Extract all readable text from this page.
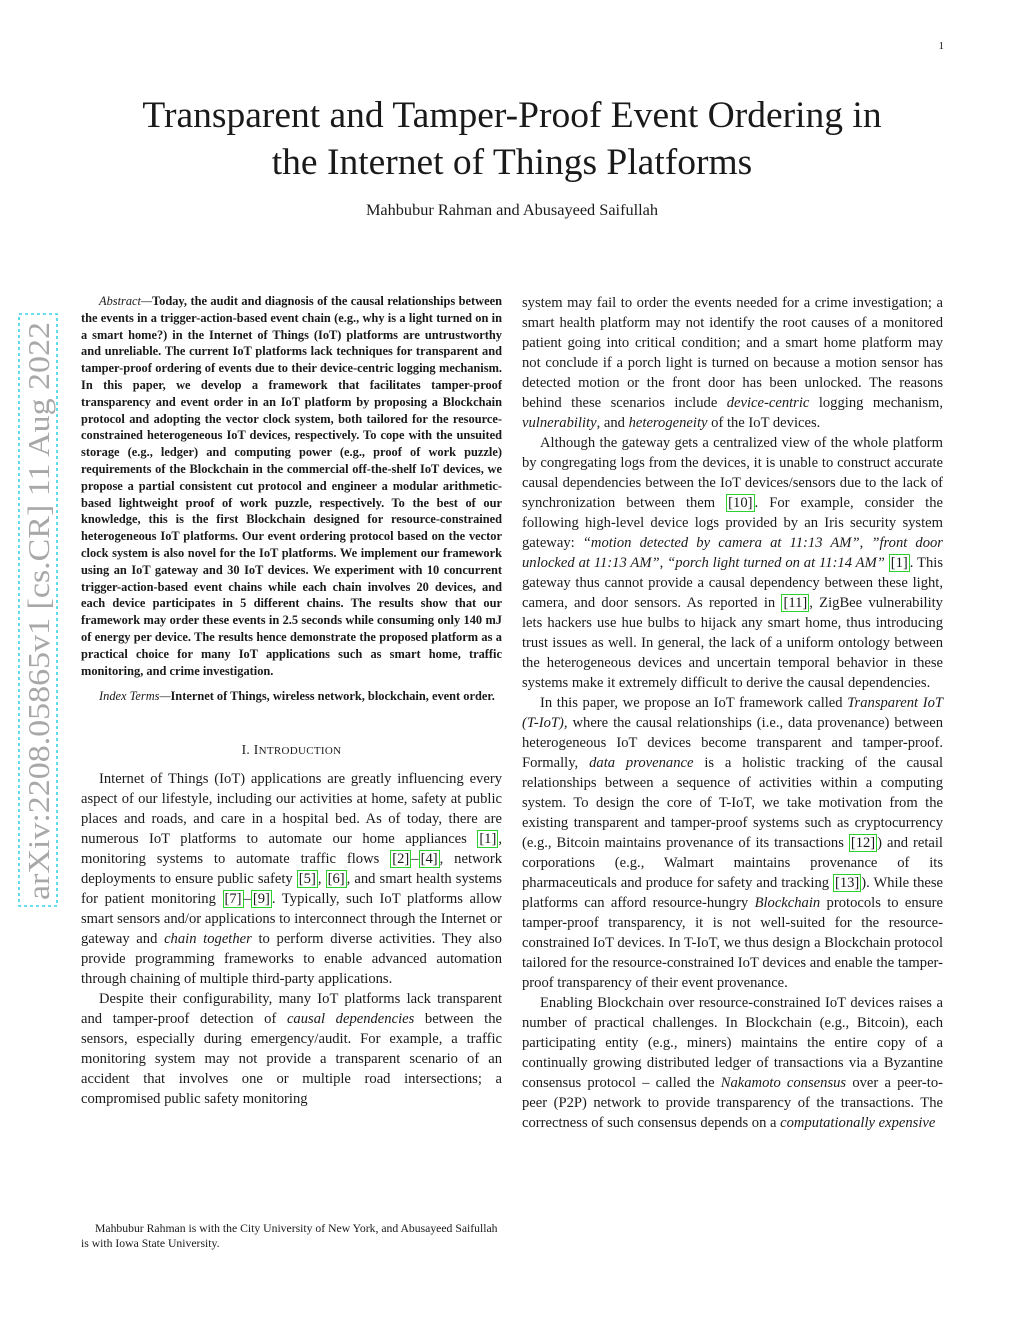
1
arXiv:2208.05865v1 [cs.CR] 11 Aug 2022
Transparent and Tamper-Proof Event Ordering in
the Internet of Things Platforms
Mahbubur Rahman and Abusayeed Saifullah

Abstract—Today, the audit and diagnosis of the causal relationships between the events in a trigger-action-based event chain (e.g., why is a light turned on in a smart home?) in the Internet of Things (IoT) platforms are untrustworthy and unreliable. The current IoT platforms lack techniques for transparent and tamper-proof ordering of events due to their device-centric logging mechanism. In this paper, we develop a framework that facilitates tamper-proof transparency and event order in an IoT platform by proposing a Blockchain protocol and adopting the vector clock system, both tailored for the resource-constrained heterogeneous IoT devices, respectively. To cope with the unsuited storage (e.g., ledger) and computing power (e.g., proof of work puzzle) requirements of the Blockchain in the commercial off-the-shelf IoT devices, we propose a partial consistent cut protocol and engineer a modular arithmetic-based lightweight proof of work puzzle, respectively. To the best of our knowledge, this is the first Blockchain designed for resource-constrained heterogeneous IoT platforms. Our event ordering protocol based on the vector clock system is also novel for the IoT platforms. We implement our framework using an IoT gateway and 30 IoT devices. We experiment with 10 concurrent trigger-action-based event chains while each chain involves 20 devices, and each device participates in 5 different chains. The results show that our framework may order these events in 2.5 seconds while consuming only 140 mJ of energy per device. The results hence demonstrate the proposed platform as a practical choice for many IoT applications such as smart home, traffic monitoring, and crime investigation.

Index Terms—Internet of Things, wireless network, blockchain, event order.

I. INTRODUCTION

Internet of Things (IoT) applications are greatly influencing every aspect of our lifestyle, including our activities at home, safety at public places and roads, and care in a hospital bed. As of today, there are numerous IoT platforms to automate our home appliances [1] , monitoring systems to automate traffic flows [2] – [4] , network deployments to ensure public safety [5] , [6] , and smart health systems for patient monitoring [7] – [9] . Typically, such IoT platforms allow smart sensors and/or applications to interconnect through the Internet or gateway and chain together to perform diverse activities. They also provide programming frameworks to enable advanced automation through chaining of multiple third-party applications.

Despite their configurability, many IoT platforms lack transparent and tamper-proof detection of causal dependencies between the sensors, especially during emergency/audit. For example, a traffic monitoring system may not provide a transparent scenario of an accident that involves one or multiple road intersections; a compromised public safety monitoring

Mahbubur Rahman is with the City University of New York, and Abusayeed Saifullah is with Iowa State University.

system may fail to order the events needed for a crime investigation; a smart health platform may not identify the root causes of a monitored patient going into critical condition; and a smart home platform may not conclude if a porch light is turned on because a motion sensor has detected motion or the front door has been unlocked. The reasons behind these scenarios include device-centric logging mechanism, vulnerability, and heterogeneity of the IoT devices.

Although the gateway gets a centralized view of the whole platform by congregating logs from the devices, it is unable to construct accurate causal dependencies between the IoT devices/sensors due to the lack of synchronization between them [10] . For example, consider the following high-level device logs provided by an Iris security system gateway: “motion detected by camera at 11:13 AM”, ”front door unlocked at 11:13 AM”, “porch light turned on at 11:14 AM” [1] . This gateway thus cannot provide a causal dependency between these light, camera, and door sensors. As reported in [11] , ZigBee vulnerability lets hackers use hue bulbs to hijack any smart home, thus introducing trust issues as well. In general, the lack of a uniform ontology between the heterogeneous devices and uncertain temporal behavior in these systems make it extremely difficult to derive the causal dependencies.

In this paper, we propose an IoT framework called Transparent IoT (T-IoT), where the causal relationships (i.e., data provenance) between heterogeneous IoT devices become transparent and tamper-proof. Formally, data provenance is a holistic tracking of the causal relationships between a sequence of activities within a computing system. To design the core of T-IoT, we take motivation from the existing transparent and tamper-proof systems such as cryptocurrency (e.g., Bitcoin maintains provenance of its transactions [12] ) and retail corporations (e.g., Walmart maintains provenance of its pharmaceuticals and produce for safety and tracking [13] ). While these platforms can afford resource-hungry Blockchain protocols to ensure tamper-proof transparency, it is not well-suited for the resource-constrained IoT devices. In T-IoT, we thus design a Blockchain protocol tailored for the resource-constrained IoT devices and enable the tamper-proof transparency of their event provenance.

Enabling Blockchain over resource-constrained IoT devices raises a number of practical challenges. In Blockchain (e.g., Bitcoin), each participating entity (e.g., miners) maintains the entire copy of a continually growing distributed ledger of transactions via a Byzantine consensus protocol – called the Nakamoto consensus over a peer-to-peer (P2P) network to provide transparency of the transactions. The correctness of such consensus depends on a computationally expensive
